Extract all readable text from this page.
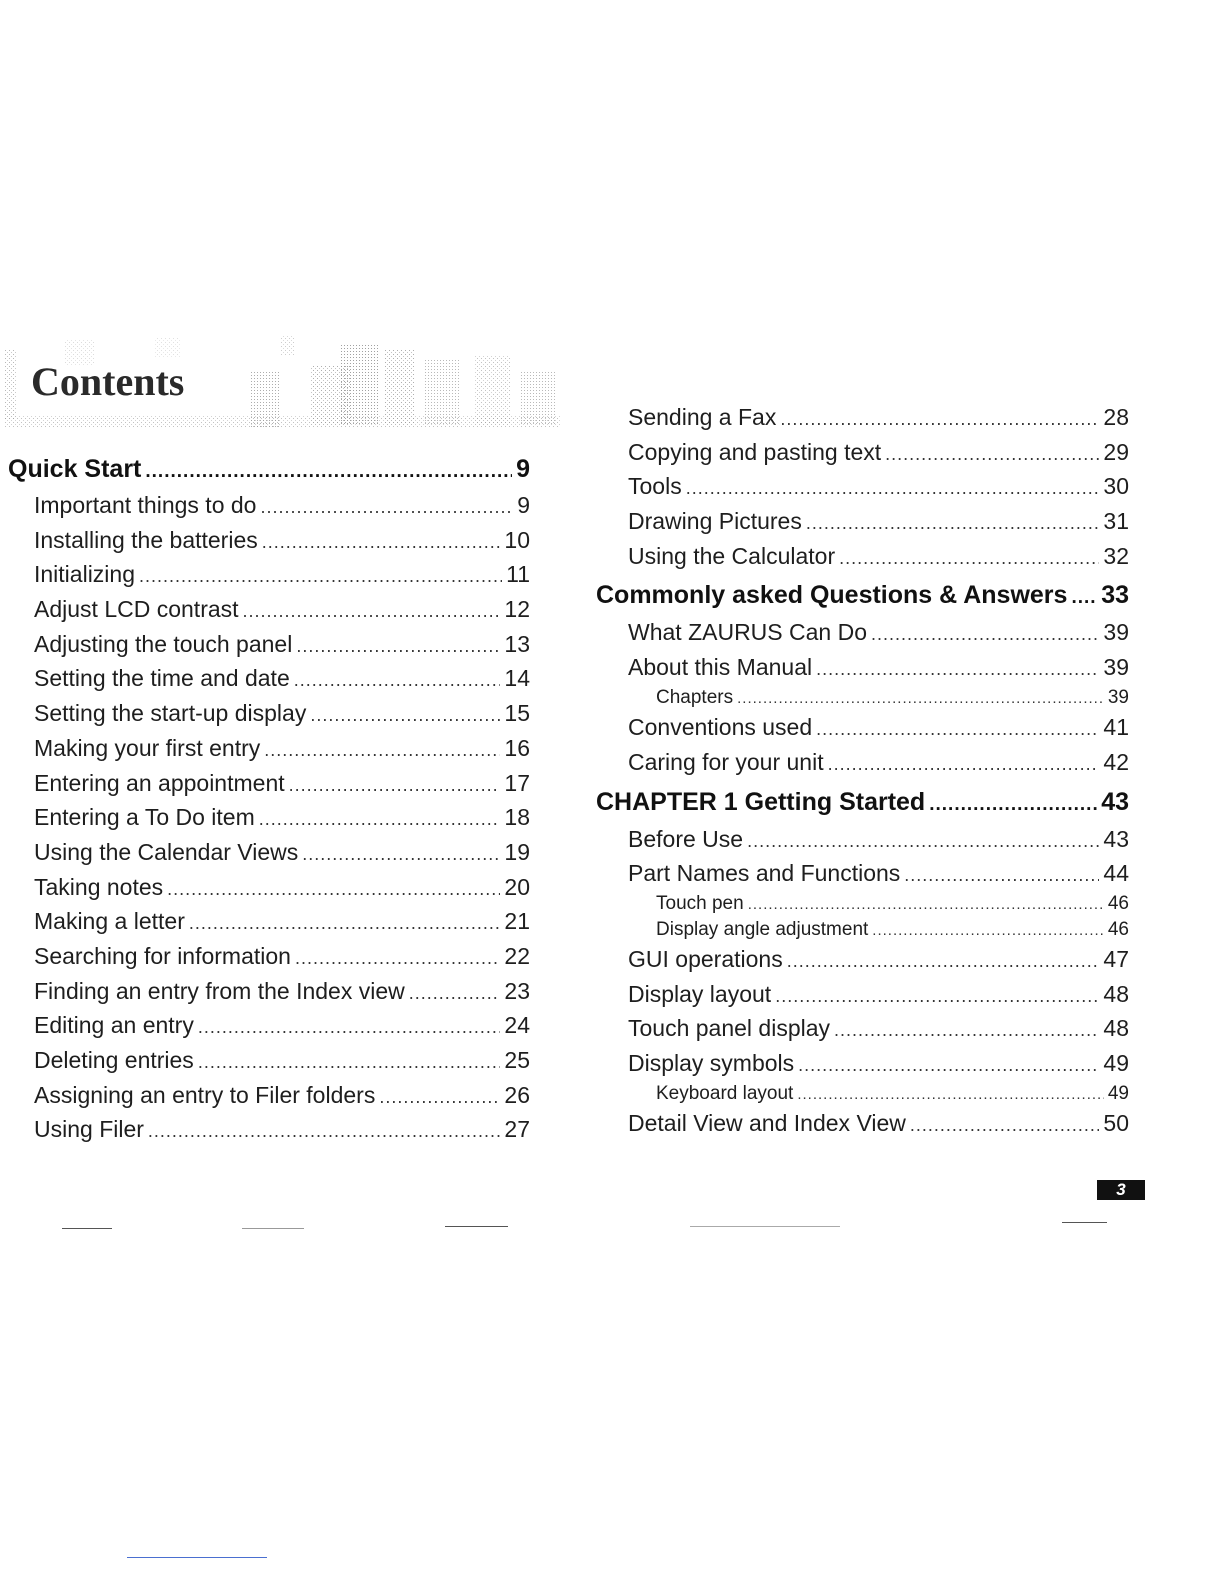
Contents
Quick Start .....	9
Important things to do .....	9
Installing the batteries .....	10
Initializing .....	11
Adjust LCD contrast .....	12
Adjusting the touch panel .....	13
Setting the time and date .....	14
Setting the start-up display .....	15
Making your first entry .....	16
Entering an appointment .....	17
Entering a To Do item .....	18
Using the Calendar Views .....	19
Taking notes .....	20
Making a letter .....	21
Searching for information .....	22
Finding an entry from the Index view .....	23
Editing an entry .....	24
Deleting entries .....	25
Assigning an entry to Filer folders .....	26
Using Filer .....	27
Sending a Fax .....	28
Copying and pasting text .....	29
Tools .....	30
Drawing Pictures .....	31
Using the Calculator .....	32
Commonly asked Questions & Answers ..... 33
What ZAURUS Can Do .....	39
About this Manual .....	39
Chapters .....	39
Conventions used .....	41
Caring for your unit .....	42
CHAPTER 1 Getting Started .....	43
Before Use .....	43
Part Names and Functions .....	44
Touch pen .....	46
Display angle adjustment .....	46
GUI operations .....	47
Display layout .....	48
Touch panel display .....	48
Display symbols .....	49
Keyboard layout .....	49
Detail View and Index View .....	50
3
